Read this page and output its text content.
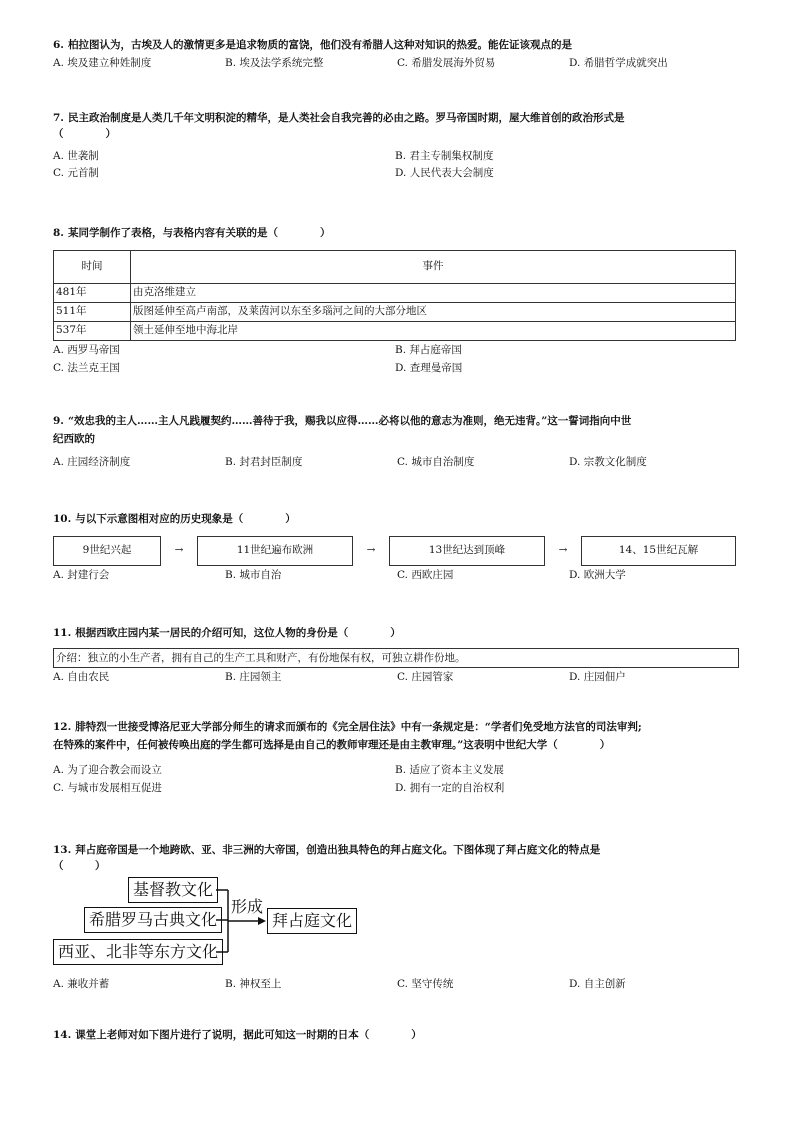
6. 柏拉图认为，古埃及人的激情更多是追求物质的富饶，他们没有希腊人这种对知识的热爱。能佐证该观点的是

A. 埃及建立种姓制度	B. 埃及法学系统完整	C. 希腊发展海外贸易	D. 希腊哲学成就突出

7. 民主政治制度是人类几千年文明积淀的精华，是人类社会自我完善的必由之路。罗马帝国时期，屋大维首创的政治形式是
（　　　　）

A. 世袭制	B. 君主专制集权制度
C. 元首制	D. 人民代表大会制度

8. 某同学制作了表格，与表格内容有关联的是（　　　　）

时间	事件
481年	由克洛维建立
511年	版图延伸至高卢南部，及莱茵河以东至多瑙河之间的大部分地区
537年	领土延伸至地中海北岸
A. 西罗马帝国	B. 拜占庭帝国
C. 法兰克王国	D. 查理曼帝国

9. “效忠我的主人……主人凡践履契约……善待于我，赐我以应得……必将以他的意志为准则，绝无违背。”这一誓词指向中世
纪西欧的

A. 庄园经济制度	B. 封君封臣制度	C. 城市自治制度	D. 宗教文化制度

10. 与以下示意图相对应的历史现象是（　　　　）

9世纪兴起	→	11世纪遍布欧洲	→	13世纪达到顶峰	→	14、15世纪瓦解
A. 封建行会	B. 城市自治	C. 西欧庄园	D. 欧洲大学

11. 根据西欧庄园内某一居民的介绍可知，这位人物的身份是（　　　　）

介绍：独立的小生产者，拥有自己的生产工具和财产，有份地保有权，可独立耕作份地。
A. 自由农民	B. 庄园领主	C. 庄园管家	D. 庄园佃户

12. 腓特烈一世接受博洛尼亚大学部分师生的请求而颁布的《完全居住法》中有一条规定是：“学者们免受地方法官的司法审判;
在特殊的案件中，任何被传唤出庭的学生都可选择是由自己的教师审理还是由主教审理。”这表明中世纪大学（　　　　）

A. 为了迎合教会而设立	B. 适应了资本主义发展
C. 与城市发展相互促进	D. 拥有一定的自治权利

13. 拜占庭帝国是一个地跨欧、亚、非三洲的大帝国，创造出独具特色的拜占庭文化。下图体现了拜占庭文化的特点是
（　　　）

基督教文化
希腊罗马古典文化
西亚、北非等东方文化
形成
拜占庭文化
A. 兼收并蓄	B. 神权至上	C. 坚守传统	D. 自主创新

14. 课堂上老师对如下图片进行了说明，据此可知这一时期的日本（　　　　）
